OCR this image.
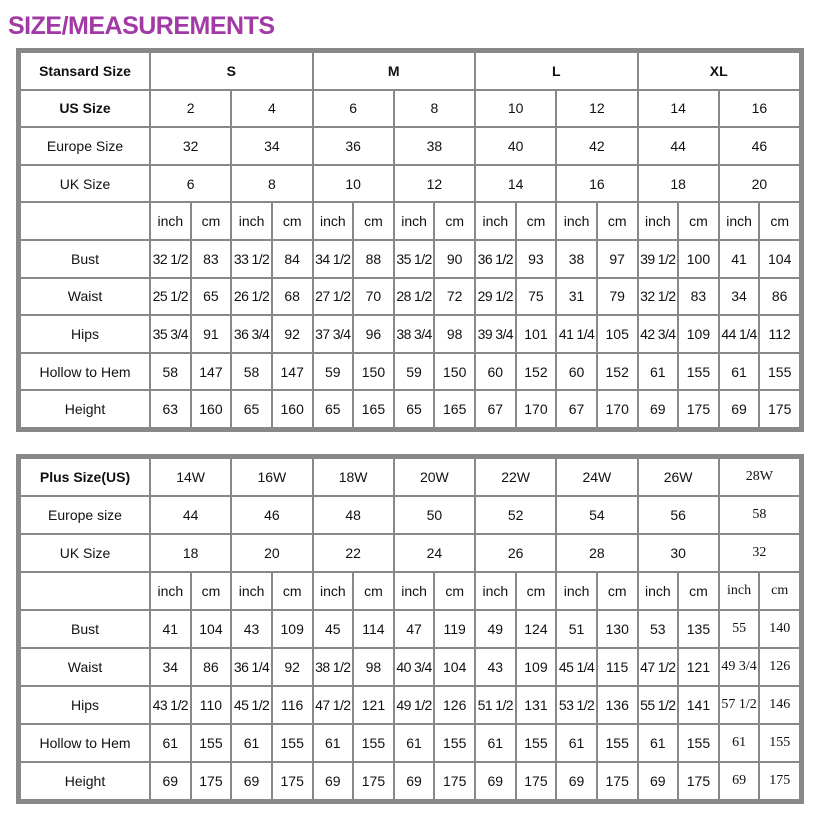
SIZE/MEASUREMENTS
Stansard Size	S				M				L				XL			
US Size	2		4		6		8		10		12		14		16	
Europe Size	32		34		36		38		40		42		44		46	
UK Size	6		8		10		12		14		16		18		20	
	inch	cm	inch	cm	inch	cm	inch	cm	inch	cm	inch	cm	inch	cm	inch	cm
Bust	32 1/2	83	33 1/2	84	34 1/2	88	35 1/2	90	36 1/2	93	38	97	39 1/2	100	41	104
Waist	25 1/2	65	26 1/2	68	27 1/2	70	28 1/2	72	29 1/2	75	31	79	32 1/2	83	34	86
Hips	35 3/4	91	36 3/4	92	37 3/4	96	38 3/4	98	39 3/4	101	41 1/4	105	42 3/4	109	44 1/4	112
Hollow to Hem	58	147	58	147	59	150	59	150	60	152	60	152	61	155	61	155
Height	63	160	65	160	65	165	65	165	67	170	67	170	69	175	69	175
Plus Size(US)	14W		16W		18W		20W		22W		24W		26W		28W	
Europe size	44		46		48		50		52		54		56		58	
UK Size	18		20		22		24		26		28		30		32	
	inch	cm	inch	cm	inch	cm	inch	cm	inch	cm	inch	cm	inch	cm	inch	cm
Bust	41	104	43	109	45	114	47	119	49	124	51	130	53	135	55	140
Waist	34	86	36 1/4	92	38 1/2	98	40 3/4	104	43	109	45 1/4	115	47 1/2	121	49 3/4	126
Hips	43 1/2	110	45 1/2	116	47 1/2	121	49 1/2	126	51 1/2	131	53 1/2	136	55 1/2	141	57 1/2	146
Hollow to Hem	61	155	61	155	61	155	61	155	61	155	61	155	61	155	61	155
Height	69	175	69	175	69	175	69	175	69	175	69	175	69	175	69	175
